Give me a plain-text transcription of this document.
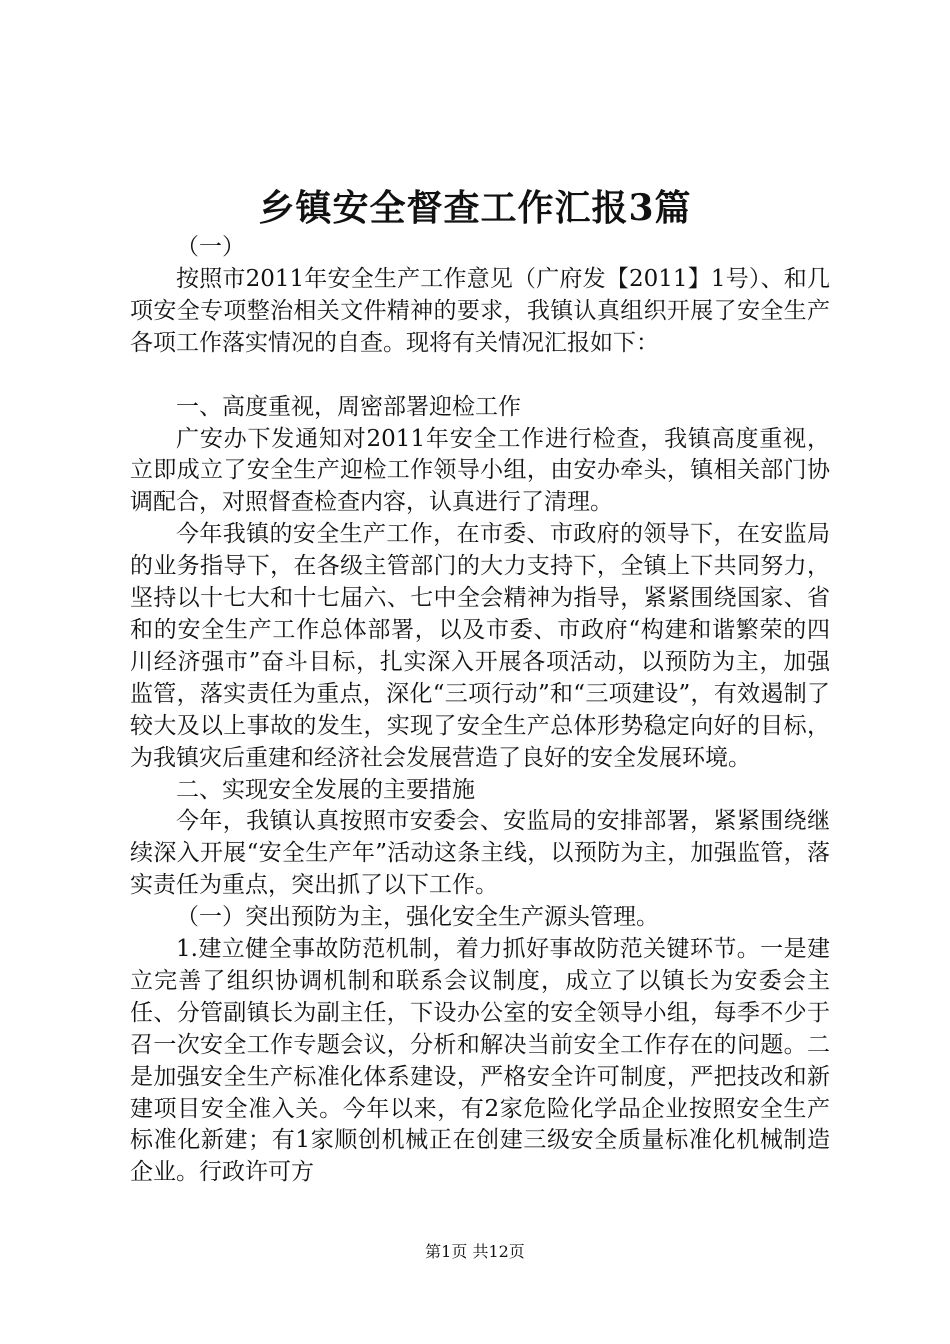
乡镇安全督查工作汇报3篇

（一）

按照市2011年安全生产工作意见（广府发【2011】1号）、和几项安全专项整治相关文件精神的要求，我镇认真组织开展了安全生产各项工作落实情况的自查。现将有关情况汇报如下：

一、高度重视，周密部署迎检工作

广安办下发通知对2011年安全工作进行检查，我镇高度重视，立即成立了安全生产迎检工作领导小组，由安办牵头，镇相关部门协调配合，对照督查检查内容，认真进行了清理。

今年我镇的安全生产工作，在市委、市政府的领导下，在安监局的业务指导下，在各级主管部门的大力支持下，全镇上下共同努力，坚持以十七大和十七届六、七中全会精神为指导，紧紧围绕国家、省和的安全生产工作总体部署，以及市委、市政府“构建和谐繁荣的四川经济强市”奋斗目标，扎实深入开展各项活动，以预防为主，加强监管，落实责任为重点，深化“三项行动”和“三项建设”，有效遏制了较大及以上事故的发生，实现了安全生产总体形势稳定向好的目标，为我镇灾后重建和经济社会发展营造了良好的安全发展环境。

二、实现安全发展的主要措施

今年，我镇认真按照市安委会、安监局的安排部署，紧紧围绕继续深入开展“安全生产年”活动这条主线，以预防为主，加强监管，落实责任为重点，突出抓了以下工作。

（一）突出预防为主，强化安全生产源头管理。

1.建立健全事故防范机制，着力抓好事故防范关键环节。一是建立完善了组织协调机制和联系会议制度，成立了以镇长为安委会主任、分管副镇长为副主任，下设办公室的安全领导小组，每季不少于召一次安全工作专题会议，分析和解决当前安全工作存在的问题。二是加强安全生产标准化体系建设，严格安全许可制度，严把技改和新建项目安全准入关。今年以来，有2家危险化学品企业按照安全生产标准化新建；有1家顺创机械正在创建三级安全质量标准化机械制造企业。行政许可方

第1页 共12页
